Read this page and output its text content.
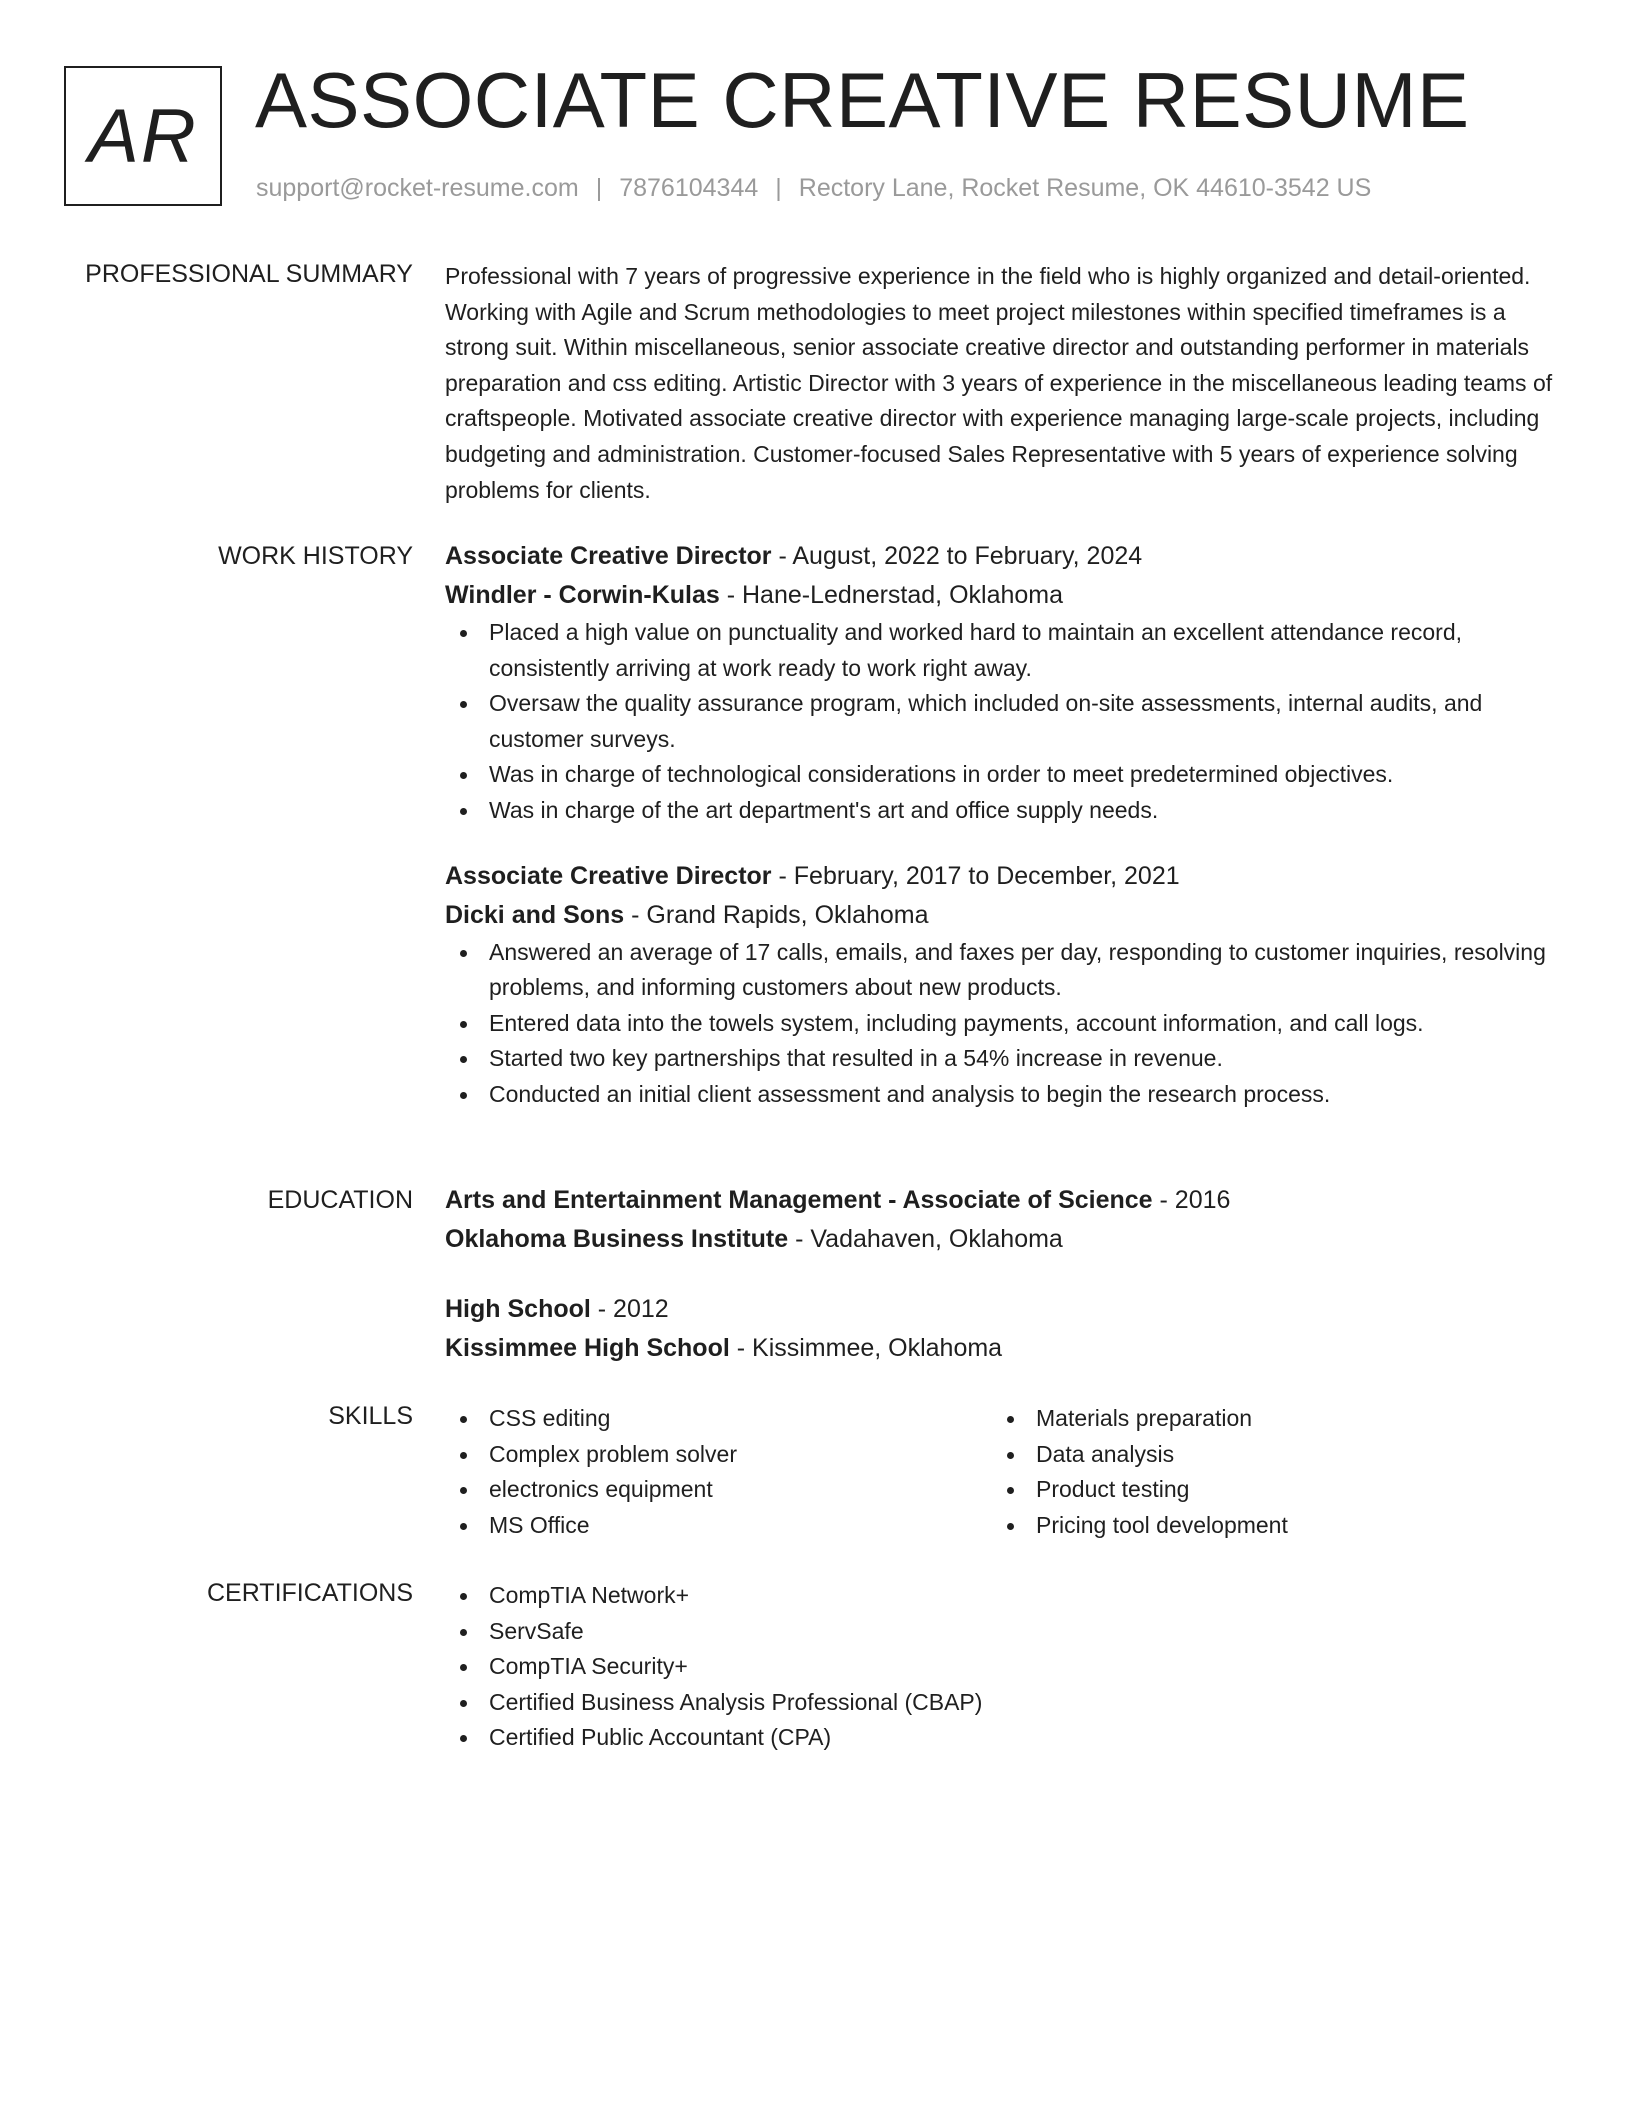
AR ASSOCIATE CREATIVE RESUME
support@rocket-resume.com | 7876104344 | Rectory Lane, Rocket Resume, OK 44610-3542 US
PROFESSIONAL SUMMARY Professional with 7 years of progressive experience in the field who is highly organized and detail-oriented. Working with Agile and Scrum methodologies to meet project milestones within specified timeframes is a strong suit. Within miscellaneous, senior associate creative director and outstanding performer in materials preparation and css editing. Artistic Director with 3 years of experience in the miscellaneous leading teams of craftspeople. Motivated associate creative director with experience managing large-scale projects, including budgeting and administration. Customer-focused Sales Representative with 5 years of experience solving problems for clients.

WORK HISTORY Associate Creative Director - August, 2022 to February, 2024

Windler - Corwin-Kulas - Hane-Lednerstad, Oklahoma

Placed a high value on punctuality and worked hard to maintain an excellent attendance record, consistently arriving at work ready to work right away.
Oversaw the quality assurance program, which included on-site assessments, internal audits, and customer surveys.
Was in charge of technological considerations in order to meet predetermined objectives.
Was in charge of the art department's art and office supply needs.

Associate Creative Director - February, 2017 to December, 2021

Dicki and Sons - Grand Rapids, Oklahoma

Answered an average of 17 calls, emails, and faxes per day, responding to customer inquiries, resolving problems, and informing customers about new products.
Entered data into the towels system, including payments, account information, and call logs.
Started two key partnerships that resulted in a 54% increase in revenue.
Conducted an initial client assessment and analysis to begin the research process.
EDUCATION Arts and Entertainment Management - Associate of Science - 2016

Oklahoma Business Institute - Vadahaven, Oklahoma

High School - 2012

Kissimmee High School - Kissimmee, Oklahoma

SKILLS	CSS editing
Complex problem solver
electronics equipment
MS Office
Materials preparation
Data analysis
Product testing
Pricing tool development
CERTIFICATIONS	CompTIA Network+
ServSafe
CompTIA Security+
Certified Business Analysis Professional (CBAP)
Certified Public Accountant (CPA)
